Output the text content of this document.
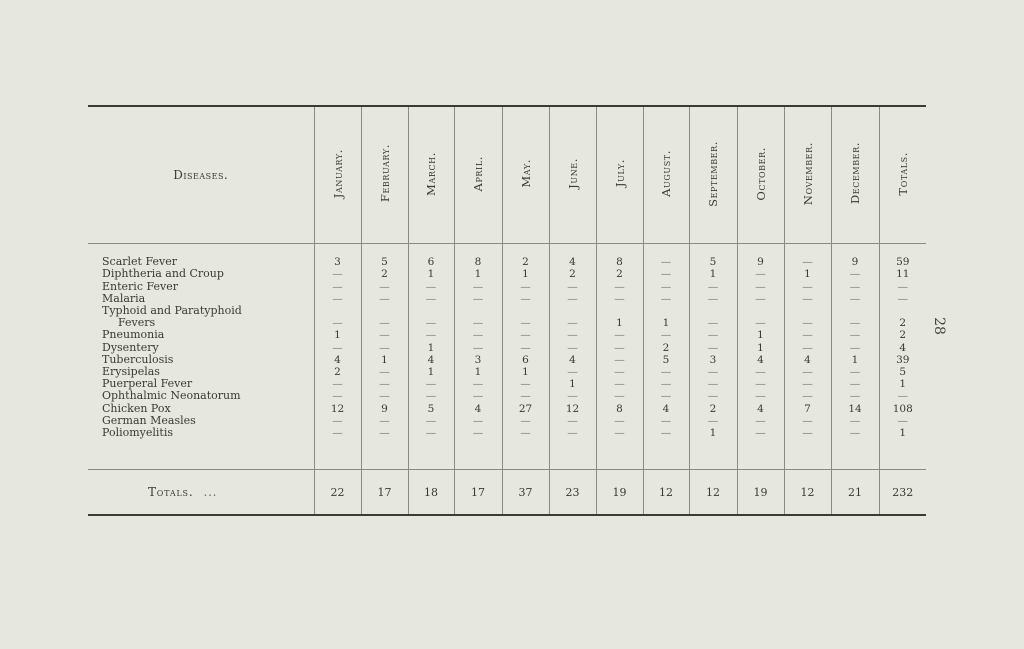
28

Diseases.	January.	February.	March.	April.	May.	June.	July.	August.	September.	October.	November.	December.	Totals.

Scarlet Fever	3	5	6	8	2	4	8	—	5	9	—	9	59
Diphtheria and Croup	—	2	1	1	1	2	2	—	1	—	1	—	11
Enteric Fever	—	—	—	—	—	—	—	—	—	—	—	—	—
Malaria	—	—	—	—	—	—	—	—	—	—	—	—	—
Typhoid and Paratyphoid													
Fevers	—	—	—	—	—	—	1	1	—	—	—	—	2
Pneumonia	1	—	—	—	—	—	—	—	—	1	—	—	2
Dysentery	—	—	1	—	—	—	—	2	—	1	—	—	4
Tuberculosis	4	1	4	3	6	4	—	5	3	4	4	1	39
Erysipelas	2	—	1	1	1	—	—	—	—	—	—	—	5
Puerperal Fever	—	—	—	—	—	1	—	—	—	—	—	—	1
Ophthalmic Neonatorum	—	—	—	—	—	—	—	—	—	—	—	—	—
Chicken Pox	12	9	5	4	27	12	8	4	2	4	7	14	108
German Measles	—	—	—	—	—	—	—	—	—	—	—	—	—
Poliomyelitis	—	—	—	—	—	—	—	—	1	—	—	—	1

Totals. ...	22	17	18	17	37	23	19	12	12	19	12	21	232
